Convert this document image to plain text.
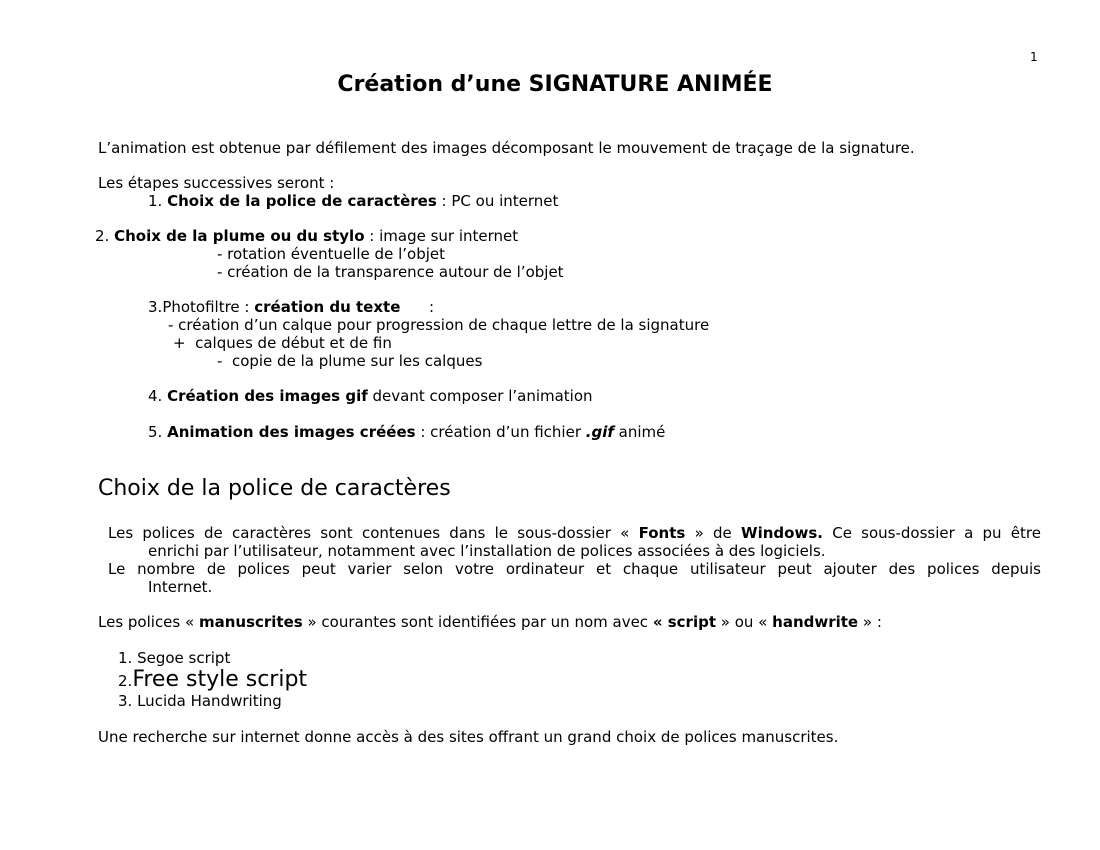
1
Création d’une SIGNATURE ANIMÉE
L’animation est obtenue par défilement des images décomposant le mouvement de traçage de la signature.
Les étapes successives seront :
1. Choix de la police de caractères : PC ou internet
2. Choix de la plume ou du stylo : image sur internet
- rotation éventuelle de l’objet
- création de la transparence autour de l’objet
3.Photofiltre : création du texte      :
- création d’un calque pour progression de chaque lettre de la signature
+  calques de début et de fin
-  copie de la plume sur les calques
4. Création des images gif devant composer l’animation
5. Animation des images créées : création d’un fichier .gif animé
Choix de la police de caractères
Les polices de caractères sont contenues dans le sous-dossier « Fonts » de Windows. Ce sous-dossier a pu être
enrichi par l’utilisateur, notamment avec l’installation de polices associées à des logiciels.
Le nombre de polices peut varier selon votre ordinateur et chaque utilisateur peut ajouter des polices depuis
Internet.
Les polices « manuscrites » courantes sont identifiées par un nom avec « script » ou « handwrite » :
1. Segoe script
2.Free style script
3. Lucida Handwriting
Une recherche sur internet donne accès à des sites offrant un grand choix de polices manuscrites.
